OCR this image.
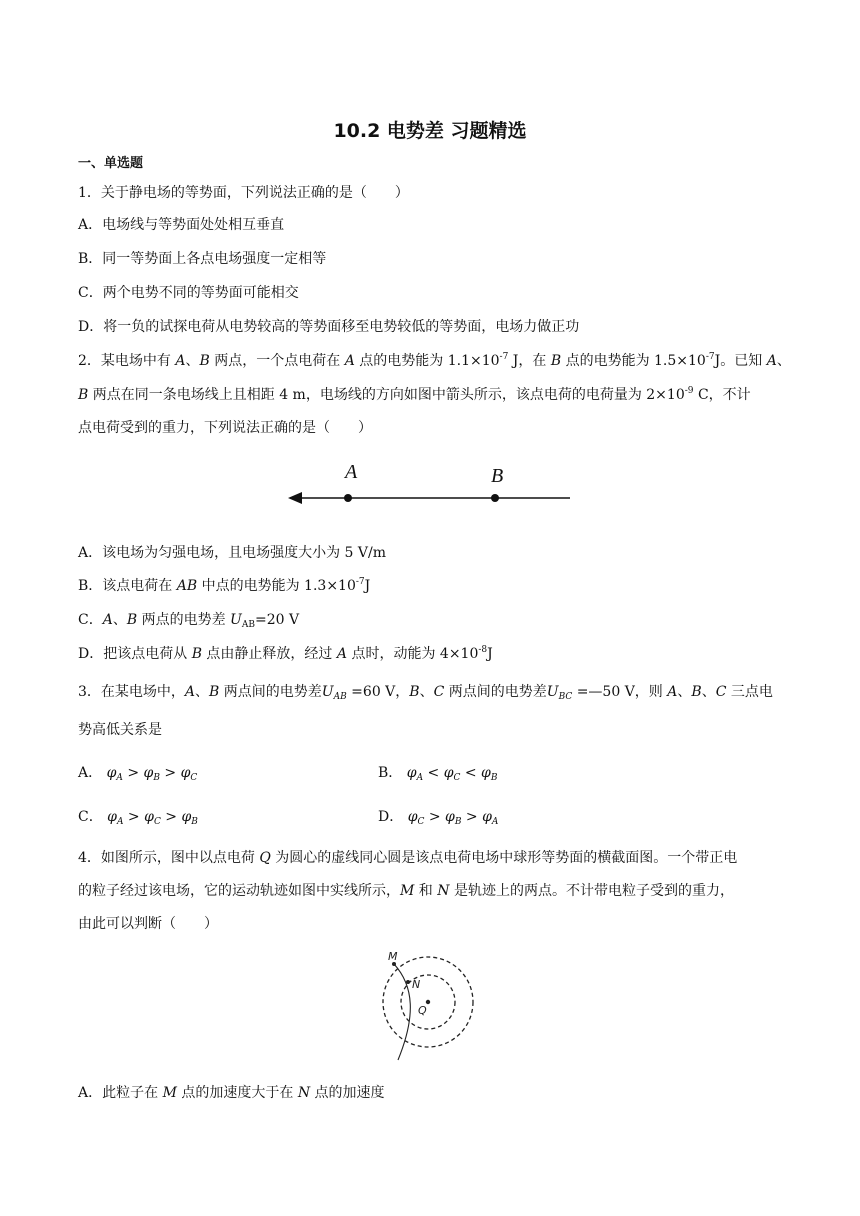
10.2 电势差 习题精选
一、单选题
1．关于静电场的等势面，下列说法正确的是（　　）
A．电场线与等势面处处相互垂直
B．同一等势面上各点电场强度一定相等
C．两个电势不同的等势面可能相交
D．将一负的试探电荷从电势较高的等势面移至电势较低的等势面，电场力做正功
2．某电场中有 A、B 两点，一个点电荷在 A 点的电势能为 $1.1\times 10^{-7}$ J，在 B 点的电势能为 $1.5\times 10^{-7}J$。已知 A、
B 两点在同一条电场线上且相距 4 m，电场线的方向如图中箭头所示，该点电荷的电荷量为 $2\times 10^{-9}$ C，不计
点电荷受到的重力，下列说法正确的是（　　）
A	B
A．该电场为匀强电场，且电场强度大小为 5 V/m
B．该点电荷在 AB 中点的电势能为 $1.3\times 10^{-7}J$
C．A、B 两点的电势差 $U_{AB}=20$ V
D．把该点电荷从 B 点由静止释放，经过 A 点时，动能为 $4\times 10^{-8}J$
3．在某电场中，A、B 两点间的电势差$U_{AB} =60$ V，B、C 两点间的电势差$U_{BC}$ =—50 V，则 A、B、C 三点电
势高低关系是
A． $\varphi_A > \varphi_B > \varphi_C$	B． $\varphi_A < \varphi_C < \varphi_B$
C． $\varphi_A > \varphi_C > \varphi_B$	D． $\varphi_C > \varphi_B > \varphi_A$
4．如图所示，图中以点电荷 Q 为圆心的虚线同心圆是该点电荷电场中球形等势面的横截面图。一个带正电
的粒子经过该电场，它的运动轨迹如图中实线所示，M 和 N 是轨迹上的两点。不计带电粒子受到的重力，
由此可以判断（　　）
M
N
Q
A．此粒子在 M 点的加速度大于在 N 点的加速度
